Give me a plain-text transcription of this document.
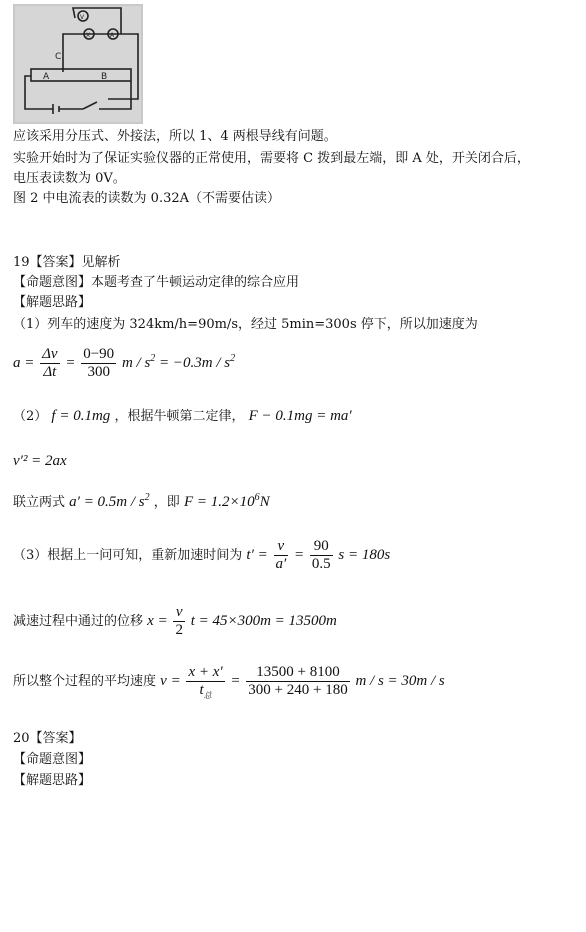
V
X	A
C
A	B
应该采用分压式、外接法，所以 1、4 两根导线有问题。
实验开始时为了保证实验仪器的正常使用，需要将 C 拨到最左端，即 A 处，开关闭合后，
电压表读数为 0V。
图 2 中电流表的读数为 0.32A（不需要估读）
19【答案】见解析
【命题意图】本题考查了牛顿运动定律的综合应用
【解题思路】
（1）列车的速度为 324km/h=90m/s，经过 5min=300s 停下，所以加速度为
$a = \frac{\Delta v}{\Delta t} = \frac{0-90}{300}$ $m / s^2 = -0.3m / s^2$
（2） f = 0.1mg ，根据牛顿第二定律， F − 0.1mg = ma′
v′² = 2ax
联立两式 $a' = 0.5m / s^2$ ，即 $F = 1.2\times 10^6N$
（3）根据上一问可知，重新加速时间为 $t' = \frac{v}{a'} = \frac{90}{0.5}$ s = 180s
减速过程中通过的位移 $x = \frac{v}{2}$ t = 45×300m = 13500m
所以整个过程的平均速度 $v = \frac{x + x'}{t_总} = \frac{13500 + 8100}{300 + 240 + 180}$ m / s = 30m / s
20【答案】
【命题意图】
【解题思路】
